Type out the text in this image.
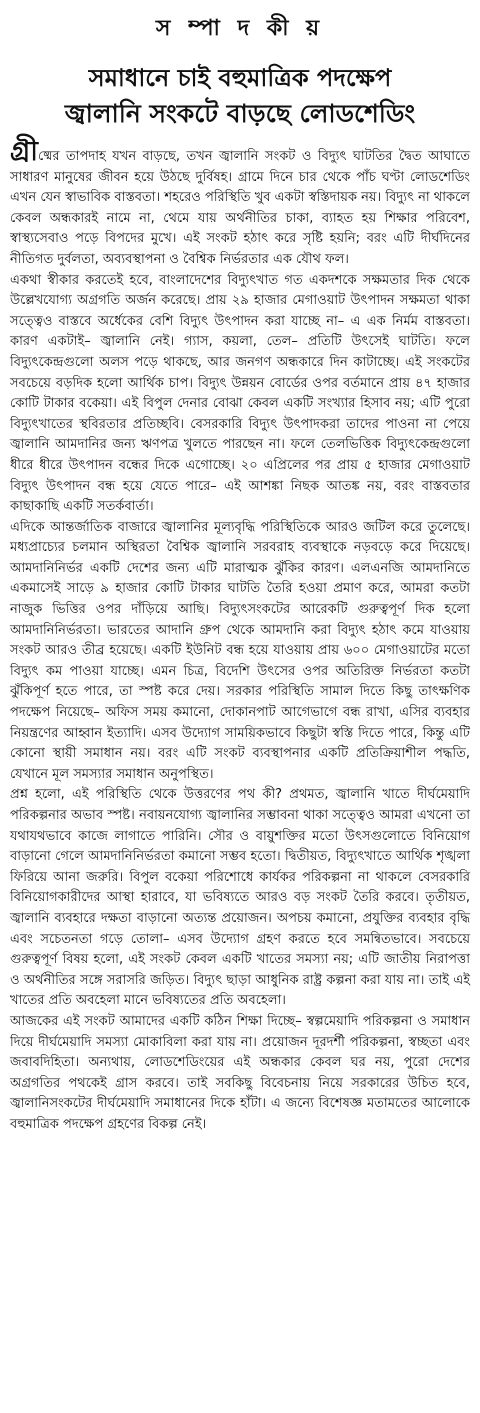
স ম্পা দ কী য়
সমাধানে চাই বহুমাত্রিক পদক্ষেপ
জ্বালানি সংকটে বাড়ছে লোডশেডিং

গ্রীষ্মের তাপদাহ যখন বাড়ছে, তখন জ্বালানি সংকট ও বিদ্যুৎ ঘাটতির দ্বৈত আঘাতে সাধারণ মানুষের জীবন হয়ে উঠছে দুর্বিষহ। গ্রামে দিনে চার থেকে পাঁচ ঘণ্টা লোডশেডিং এখন যেন স্বাভাবিক বাস্তবতা। শহরেও পরিস্থিতি খুব একটা স্বস্তিদায়ক নয়। বিদ্যুৎ না থাকলে কেবল অন্ধকারই নামে না, থেমে যায় অর্থনীতির চাকা, ব্যাহত হয় শিক্ষার পরিবেশ, স্বাস্থ্যসেবাও পড়ে বিপদের মুখে। এই সংকট হঠাৎ করে সৃষ্টি হয়নি; বরং এটি দীর্ঘদিনের নীতিগত দুর্বলতা, অব্যবস্থাপনা ও বৈশ্বিক নির্ভরতার এক যৌথ ফল।

একথা স্বীকার করতেই হবে, বাংলাদেশের বিদ্যুৎখাত গত একদশকে সক্ষমতার দিক থেকে উল্লেখযোগ্য অগ্রগতি অর্জন করেছে। প্রায় ২৯ হাজার মেগাওয়াট উৎপাদন সক্ষমতা থাকা সত্ত্বেও বাস্তবে অর্ধেকের বেশি বিদ্যুৎ উৎপাদন করা যাচ্ছে না– এ এক নির্মম বাস্তবতা। কারণ একটাই– জ্বালানি নেই। গ্যাস, কয়লা, তেল– প্রতিটি উৎসেই ঘাটতি। ফলে বিদ্যুৎকেন্দ্রগুলো অলস পড়ে থাকছে, আর জনগণ অন্ধকারে দিন কাটাচ্ছে। এই সংকটের সবচেয়ে বড়দিক হলো আর্থিক চাপ। বিদ্যুৎ উন্নয়ন বোর্ডের ওপর বর্তমানে প্রায় ৪৭ হাজার কোটি টাকার বকেয়া। এই বিপুল দেনার বোঝা কেবল একটি সংখ্যার হিসাব নয়; এটি পুরো বিদ্যুৎখাতের স্থবিরতার প্রতিচ্ছবি। বেসরকারি বিদ্যুৎ উৎপাদকরা তাদের পাওনা না পেয়ে জ্বালানি আমদানির জন্য ঋণপত্র খুলতে পারছেন না। ফলে তেলভিত্তিক বিদ্যুৎকেন্দ্রগুলো ধীরে ধীরে উৎপাদন বন্ধের দিকে এগোচ্ছে। ২০ এপ্রিলের পর প্রায় ৫ হাজার মেগাওয়াট বিদ্যুৎ উৎপাদন বন্ধ হয়ে যেতে পারে– এই আশঙ্কা নিছক আতঙ্ক নয়, বরং বাস্তবতার কাছাকাছি একটি সতর্কবার্তা।

এদিকে আন্তর্জাতিক বাজারে জ্বালানির মূল্যবৃদ্ধি পরিস্থিতিকে আরও জটিল করে তুলেছে। মধ্যপ্রাচ্যের চলমান অস্থিরতা বৈশ্বিক জ্বালানি সরবরাহ ব্যবস্থাকে নড়বড়ে করে দিয়েছে। আমদানিনির্ভর একটি দেশের জন্য এটি মারাত্মক ঝুঁকির কারণ। এলএনজি আমদানিতে একমাসেই সাড়ে ৯ হাজার কোটি টাকার ঘাটতি তৈরি হওয়া প্রমাণ করে, আমরা কতটা নাজুক ভিত্তির ওপর দাঁড়িয়ে আছি। বিদ্যুৎসংকটের আরেকটি গুরুত্বপূর্ণ দিক হলো আমদানিনির্ভরতা। ভারতের আদানি গ্রুপ থেকে আমদানি করা বিদ্যুৎ হঠাৎ কমে যাওয়ায় সংকট আরও তীব্র হয়েছে। একটি ইউনিট বন্ধ হয়ে যাওয়ায় প্রায় ৬০০ মেগাওয়াটের মতো বিদ্যুৎ কম পাওয়া যাচ্ছে। এমন চিত্র, বিদেশি উৎসের ওপর অতিরিক্ত নির্ভরতা কতটা ঝুঁকিপূর্ণ হতে পারে, তা স্পষ্ট করে দেয়। সরকার পরিস্থিতি সামাল দিতে কিছু তাৎক্ষণিক পদক্ষেপ নিয়েছে– অফিস সময় কমানো, দোকানপাট আগেভাগে বন্ধ রাখা, এসির ব্যবহার নিয়ন্ত্রণের আহ্বান ইত্যাদি। এসব উদ্যোগ সাময়িকভাবে কিছুটা স্বস্তি দিতে পারে, কিন্তু এটি কোনো স্থায়ী সমাধান নয়। বরং এটি সংকট ব্যবস্থাপনার একটি প্রতিক্রিয়াশীল পদ্ধতি, যেখানে মূল সমস্যার সমাধান অনুপস্থিত।

প্রশ্ন হলো, এই পরিস্থিতি থেকে উত্তরণের পথ কী? প্রথমত, জ্বালানি খাতে দীর্ঘমেয়াদি পরিকল্পনার অভাব স্পষ্ট। নবায়নযোগ্য জ্বালানির সম্ভাবনা থাকা সত্ত্বেও আমরা এখনো তা যথাযথভাবে কাজে লাগাতে পারিনি। সৌর ও বায়ুশক্তির মতো উৎসগুলোতে বিনিয়োগ বাড়ানো গেলে আমদানিনির্ভরতা কমানো সম্ভব হতো। দ্বিতীয়ত, বিদ্যুৎখাতে আর্থিক শৃঙ্খলা ফিরিয়ে আনা জরুরি। বিপুল বকেয়া পরিশোধে কার্যকর পরিকল্পনা না থাকলে বেসরকারি বিনিয়োগকারীদের আস্থা হারাবে, যা ভবিষ্যতে আরও বড় সংকট তৈরি করবে। তৃতীয়ত, জ্বালানি ব্যবহারে দক্ষতা বাড়ানো অত্যন্ত প্রয়োজন। অপচয় কমানো, প্রযুক্তির ব্যবহার বৃদ্ধি এবং সচেতনতা গড়ে তোলা– এসব উদ্যোগ গ্রহণ করতে হবে সমন্বিতভাবে। সবচেয়ে গুরুত্বপূর্ণ বিষয় হলো, এই সংকট কেবল একটি খাতের সমস্যা নয়; এটি জাতীয় নিরাপত্তা ও অর্থনীতির সঙ্গে সরাসরি জড়িত। বিদ্যুৎ ছাড়া আধুনিক রাষ্ট্র কল্পনা করা যায় না। তাই এই খাতের প্রতি অবহেলা মানে ভবিষ্যতের প্রতি অবহেলা।

আজকের এই সংকট আমাদের একটি কঠিন শিক্ষা দিচ্ছে– স্বল্পমেয়াদি পরিকল্পনা ও সমাধান দিয়ে দীর্ঘমেয়াদি সমস্যা মোকাবিলা করা যায় না। প্রয়োজন দূরদর্শী পরিকল্পনা, স্বচ্ছতা এবং জবাবদিহিতা। অন্যথায়, লোডশেডিংয়ের এই অন্ধকার কেবল ঘর নয়, পুরো দেশের অগ্রগতির পথকেই গ্রাস করবে। তাই সবকিছু বিবেচনায় নিয়ে সরকারের উচিত হবে, জ্বালানিসংকটের দীর্ঘমেয়াদি সমাধানের দিকে হাঁটা। এ জন্যে বিশেষজ্ঞ মতামতের আলোকে বহুমাত্রিক পদক্ষেপ গ্রহণের বিকল্প নেই।
